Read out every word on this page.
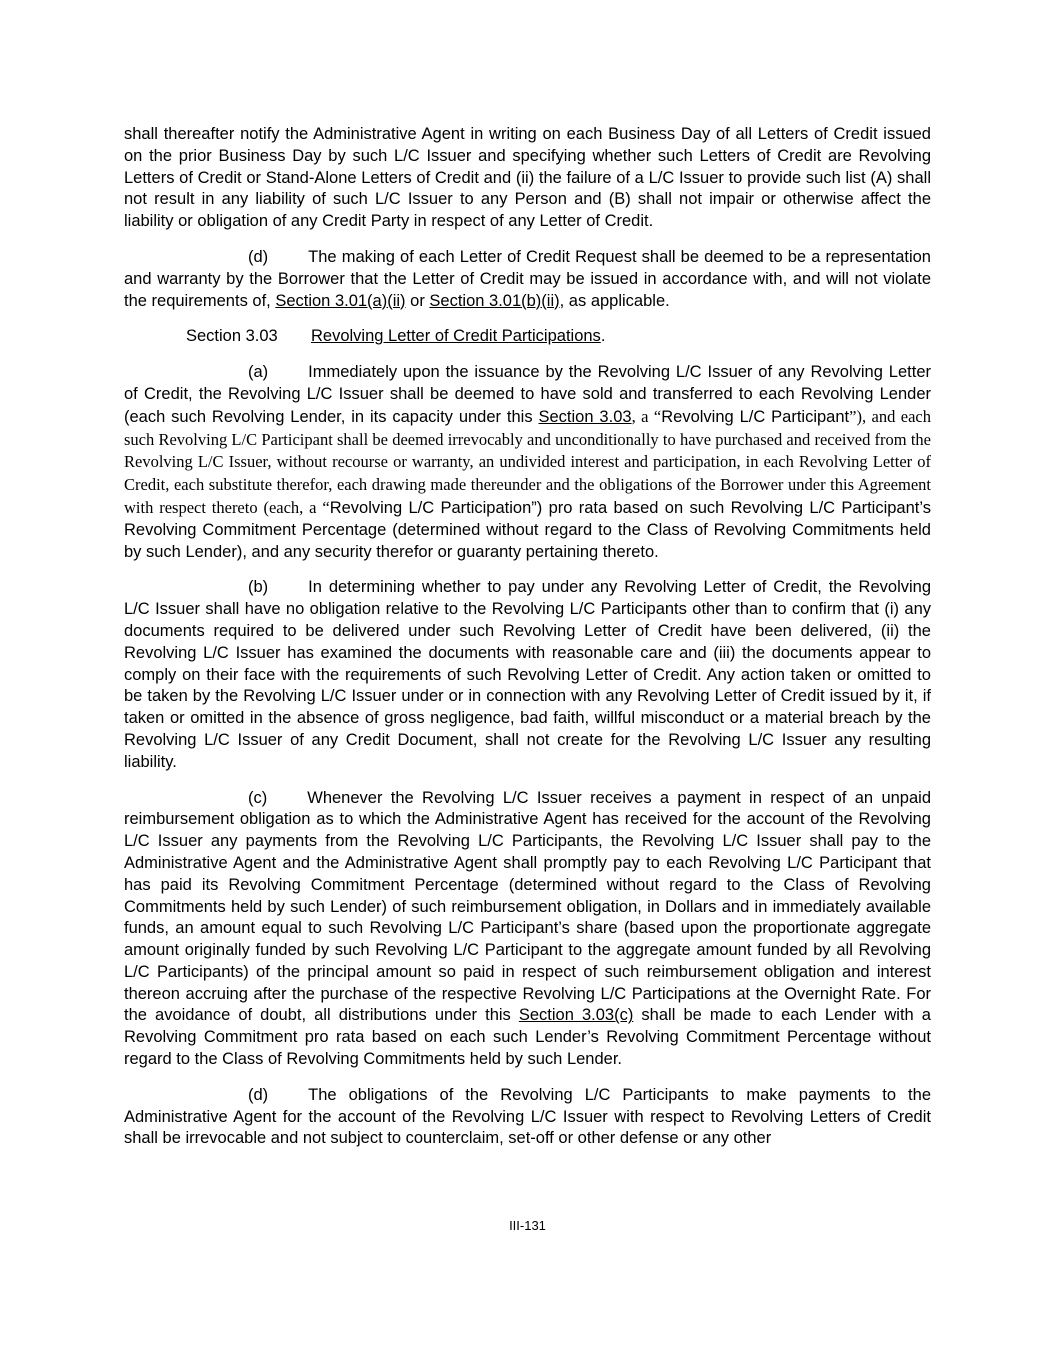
shall thereafter notify the Administrative Agent in writing on each Business Day of all Letters of Credit issued on the prior Business Day by such L/C Issuer and specifying whether such Letters of Credit are Revolving Letters of Credit or Stand-Alone Letters of Credit and (ii) the failure of a L/C Issuer to provide such list (A) shall not result in any liability of such L/C Issuer to any Person and (B) shall not impair or otherwise affect the liability or obligation of any Credit Party in respect of any Letter of Credit.

(d) The making of each Letter of Credit Request shall be deemed to be a representation and warranty by the Borrower that the Letter of Credit may be issued in accordance with, and will not violate the requirements of, Section 3.01(a)(ii) or Section 3.01(b)(ii), as applicable.

Section 3.03 Revolving Letter of Credit Participations.

(a) Immediately upon the issuance by the Revolving L/C Issuer of any Revolving Letter of Credit, the Revolving L/C Issuer shall be deemed to have sold and transferred to each Revolving Lender (each such Revolving Lender, in its capacity under this Section 3.03, a “Revolving L/C Participant”), and each such Revolving L/C Participant shall be deemed irrevocably and unconditionally to have purchased and received from the Revolving L/C Issuer, without recourse or warranty, an undivided interest and participation, in each Revolving Letter of Credit, each substitute therefor, each drawing made thereunder and the obligations of the Borrower under this Agreement with respect thereto (each, a “Revolving L/C Participation”) pro rata based on such Revolving L/C Participant’s Revolving Commitment Percentage (determined without regard to the Class of Revolving Commitments held by such Lender), and any security therefor or guaranty pertaining thereto.

(b) In determining whether to pay under any Revolving Letter of Credit, the Revolving L/C Issuer shall have no obligation relative to the Revolving L/C Participants other than to confirm that (i) any documents required to be delivered under such Revolving Letter of Credit have been delivered, (ii) the Revolving L/C Issuer has examined the documents with reasonable care and (iii) the documents appear to comply on their face with the requirements of such Revolving Letter of Credit. Any action taken or omitted to be taken by the Revolving L/C Issuer under or in connection with any Revolving Letter of Credit issued by it, if taken or omitted in the absence of gross negligence, bad faith, willful misconduct or a material breach by the Revolving L/C Issuer of any Credit Document, shall not create for the Revolving L/C Issuer any resulting liability.

(c) Whenever the Revolving L/C Issuer receives a payment in respect of an unpaid reimbursement obligation as to which the Administrative Agent has received for the account of the Revolving L/C Issuer any payments from the Revolving L/C Participants, the Revolving L/C Issuer shall pay to the Administrative Agent and the Administrative Agent shall promptly pay to each Revolving L/C Participant that has paid its Revolving Commitment Percentage (determined without regard to the Class of Revolving Commitments held by such Lender) of such reimbursement obligation, in Dollars and in immediately available funds, an amount equal to such Revolving L/C Participant’s share (based upon the proportionate aggregate amount originally funded by such Revolving L/C Participant to the aggregate amount funded by all Revolving L/C Participants) of the principal amount so paid in respect of such reimbursement obligation and interest thereon accruing after the purchase of the respective Revolving L/C Participations at the Overnight Rate. For the avoidance of doubt, all distributions under this Section 3.03(c) shall be made to each Lender with a Revolving Commitment pro rata based on each such Lender’s Revolving Commitment Percentage without regard to the Class of Revolving Commitments held by such Lender.

(d) The obligations of the Revolving L/C Participants to make payments to the Administrative Agent for the account of the Revolving L/C Issuer with respect to Revolving Letters of Credit shall be irrevocable and not subject to counterclaim, set-off or other defense or any other

III-131
